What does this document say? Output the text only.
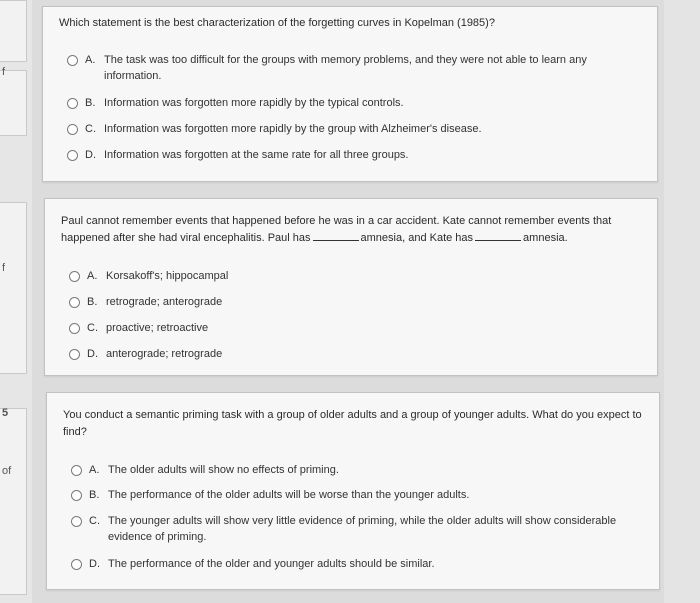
f
f
5
of
Which statement is the best characterization of the forgetting curves in Kopelman (1985)?
A. The task was too difficult for the groups with memory problems, and they were not able to learn any information.
B. Information was forgotten more rapidly by the typical controls.
C. Information was forgotten more rapidly by the group with Alzheimer's disease.
D. Information was forgotten at the same rate for all three groups.
Paul cannot remember events that happened before he was in a car accident. Kate cannot remember events that happened after she had viral encephalitis. Paul has	amnesia, and Kate has	amnesia.
A. Korsakoff's; hippocampal
B. retrograde; anterograde
C. proactive; retroactive
D. anterograde; retrograde
You conduct a semantic priming task with a group of older adults and a group of younger adults. What do you expect to find?
A. The older adults will show no effects of priming.
B. The performance of the older adults will be worse than the younger adults.
C. The younger adults will show very little evidence of priming, while the older adults will show considerable evidence of priming.
D. The performance of the older and younger adults should be similar.
